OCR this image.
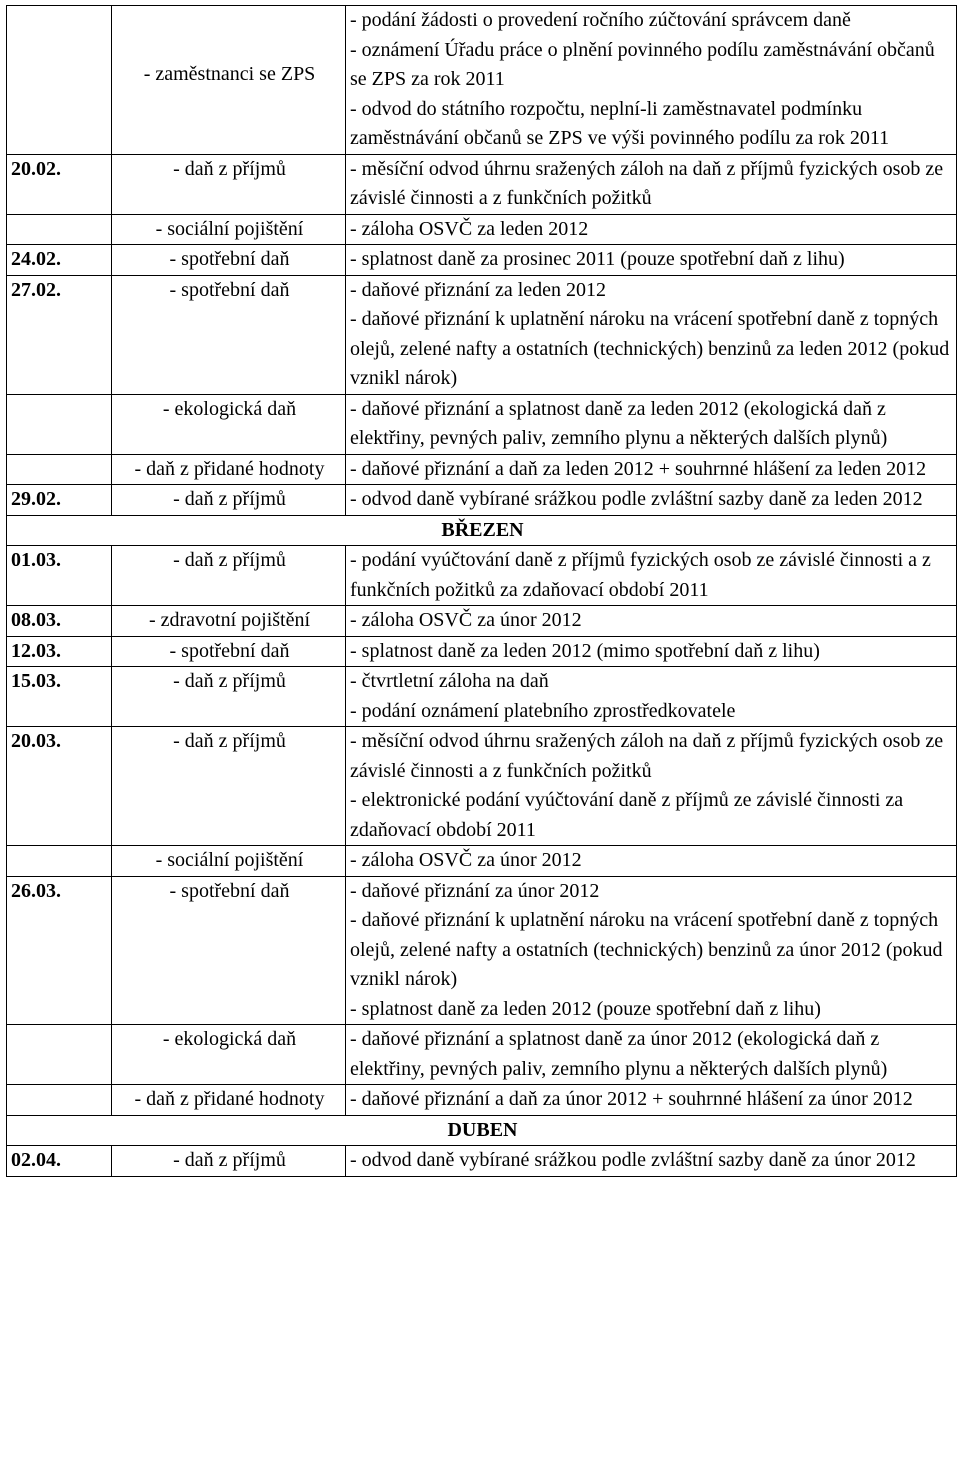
	- zaměstnanci se ZPS	- podání žádosti o provedení ročního zúčtování správcem daně
- oznámení Úřadu práce o plnění povinného podílu zaměstnávání občanů se ZPS za rok 2011
- odvod do státního rozpočtu, neplní-li zaměstnavatel podmínku zaměstnávání občanů se ZPS ve výši povinného podílu za rok 2011

20.02.	- daň z příjmů	- měsíční odvod úhrnu sražených záloh na daň z příjmů fyzických osob ze závislé činnosti a z funkčních požitků

	- sociální pojištění	- záloha OSVČ za leden 2012

24.02.	- spotřební daň	- splatnost daně za prosinec 2011 (pouze spotřební daň z lihu)

27.02.	- spotřební daň	- daňové přiznání za leden 2012
- daňové přiznání k uplatnění nároku na vrácení spotřební daně z topných olejů, zelené nafty a ostatních (technických) benzinů za leden 2012 (pokud vznikl nárok)

	- ekologická daň	- daňové přiznání a splatnost daně za leden 2012 (ekologická daň z elektřiny, pevných paliv, zemního plynu a některých dalších plynů)

	- daň z přidané hodnoty	- daňové přiznání a daň za leden 2012 + souhrnné hlášení za leden 2012

29.02.	- daň z příjmů	- odvod daně vybírané srážkou podle zvláštní sazby daně za leden 2012

BŘEZEN		
01.03.	- daň z příjmů	- podání vyúčtování daně z příjmů fyzických osob ze závislé činnosti a z funkčních požitků za zdaňovací období 2011

08.03.	- zdravotní pojištění	- záloha OSVČ za únor 2012

12.03.	- spotřební daň	- splatnost daně za leden 2012 (mimo spotřební daň z lihu)

15.03.	- daň z příjmů	- čtvrtletní záloha na daň
- podání oznámení platebního zprostředkovatele

20.03.	- daň z příjmů	- měsíční odvod úhrnu sražených záloh na daň z příjmů fyzických osob ze závislé činnosti a z funkčních požitků
- elektronické podání vyúčtování daně z příjmů ze závislé činnosti za zdaňovací období 2011

	- sociální pojištění	- záloha OSVČ za únor 2012

26.03.	- spotřební daň	- daňové přiznání za únor 2012
- daňové přiznání k uplatnění nároku na vrácení spotřební daně z topných olejů, zelené nafty a ostatních (technických) benzinů za únor 2012 (pokud vznikl nárok)
- splatnost daně za leden 2012 (pouze spotřební daň z lihu)

	- ekologická daň	- daňové přiznání a splatnost daně za únor 2012 (ekologická daň z elektřiny, pevných paliv, zemního plynu a některých dalších plynů)

	- daň z přidané hodnoty	- daňové přiznání a daň za únor 2012 + souhrnné hlášení za únor 2012

DUBEN		
02.04.	- daň z příjmů	- odvod daně vybírané srážkou podle zvláštní sazby daně za únor 2012
